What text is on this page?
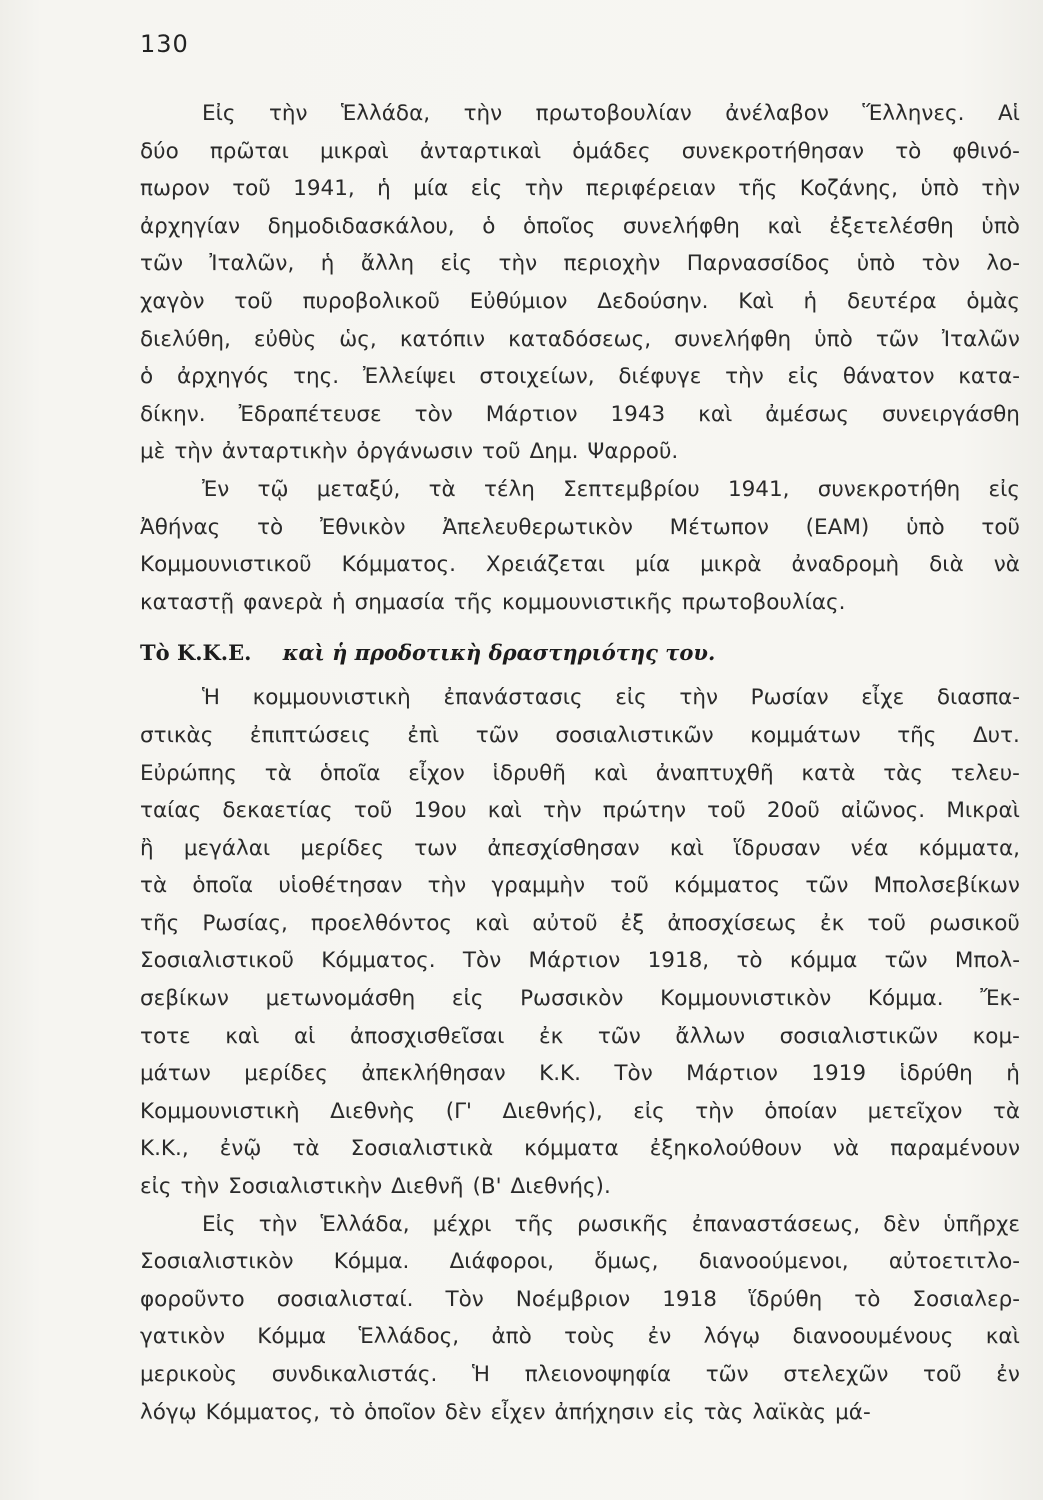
130
Εἰς τὴν Ἑλλάδα, τὴν πρωτοβουλίαν ἀνέλαβον Ἕλληνες. Αἱ
δύο πρῶται μικραὶ ἀνταρτικαὶ ὁμάδες συνεκροτήθησαν τὸ φθινό-
πωρον τοῦ 1941, ἡ μία εἰς τὴν περιφέρειαν τῆς Κοζάνης, ὑπὸ τὴν
ἀρχηγίαν δημοδιδασκάλου, ὁ ὁποῖος συνελήφθη καὶ ἐξετελέσθη ὑπὸ
τῶν Ἰταλῶν, ἡ ἄλλη εἰς τὴν περιοχὴν Παρνασσίδος ὑπὸ τὸν λο-
χαγὸν τοῦ πυροβολικοῦ Εὐθύμιον Δεδούσην. Καὶ ἡ δευτέρα ὁμὰς
διελύθη, εὐθὺς ὡς, κατόπιν καταδόσεως, συνελήφθη ὑπὸ τῶν Ἰταλῶν
ὁ ἀρχηγός της. Ἐλλείψει στοιχείων, διέφυγε τὴν εἰς θάνατον κατα-
δίκην. Ἐδραπέτευσε τὸν Μάρτιον 1943 καὶ ἀμέσως συνειργάσθη
μὲ τὴν ἀνταρτικὴν ὀργάνωσιν τοῦ Δημ. Ψαρροῦ.
Ἐν τῷ μεταξύ, τὰ τέλη Σεπτεμβρίου 1941, συνεκροτήθη εἰς
Ἀθήνας τὸ Ἐθνικὸν Ἀπελευθερωτικὸν Μέτωπον (ΕΑΜ) ὑπὸ τοῦ
Κομμουνιστικοῦ Κόμματος. Χρειάζεται μία μικρὰ ἀναδρομὴ διὰ νὰ
καταστῇ φανερὰ ἡ σημασία τῆς κομμουνιστικῆς πρωτοβουλίας.
Τὸ Κ.Κ.Ε. καὶ ἡ προδοτικὴ δραστηριότης του.
Ἡ κομμουνιστικὴ ἐπανάστασις εἰς τὴν Ρωσίαν εἶχε διασπα-
στικὰς ἐπιπτώσεις ἐπὶ τῶν σοσιαλιστικῶν κομμάτων τῆς Δυτ.
Εὐρώπης τὰ ὁποῖα εἶχον ἱδρυθῆ καὶ ἀναπτυχθῆ κατὰ τὰς τελευ-
ταίας δεκαετίας τοῦ 19ου καὶ τὴν πρώτην τοῦ 20οῦ αἰῶνος. Μικραὶ
ἢ μεγάλαι μερίδες των ἀπεσχίσθησαν καὶ ἵδρυσαν νέα κόμματα,
τὰ ὁποῖα υἱοθέτησαν τὴν γραμμὴν τοῦ κόμματος τῶν Μπολσεβίκων
τῆς Ρωσίας, προελθόντος καὶ αὐτοῦ ἐξ ἀποσχίσεως ἐκ τοῦ ρωσικοῦ
Σοσιαλιστικοῦ Κόμματος. Τὸν Μάρτιον 1918, τὸ κόμμα τῶν Μπολ-
σεβίκων μετωνομάσθη εἰς Ρωσσικὸν Κομμουνιστικὸν Κόμμα. Ἔκ-
τοτε καὶ αἱ ἀποσχισθεῖσαι ἐκ τῶν ἄλλων σοσιαλιστικῶν κομ-
μάτων μερίδες ἀπεκλήθησαν Κ.Κ. Τὸν Μάρτιον 1919 ἱδρύθη ἡ
Κομμουνιστικὴ Διεθνὴς (Γ' Διεθνής), εἰς τὴν ὁποίαν μετεῖχον τὰ
Κ.Κ., ἐνῷ τὰ Σοσιαλιστικὰ κόμματα ἐξηκολούθουν νὰ παραμένουν
εἰς τὴν Σοσιαλιστικὴν Διεθνῆ (Β' Διεθνής).
Εἰς τὴν Ἑλλάδα, μέχρι τῆς ρωσικῆς ἐπαναστάσεως, δὲν ὑπῆρχε
Σοσιαλιστικὸν Κόμμα. Διάφοροι, ὅμως, διανοούμενοι, αὐτοετιτλο-
φοροῦντο σοσιαλισταί. Τὸν Νοέμβριον 1918 ἵδρύθη τὸ Σοσιαλερ-
γατικὸν Κόμμα Ἑλλάδος, ἀπὸ τοὺς ἐν λόγῳ διανοουμένους καὶ
μερικοὺς συνδικαλιστάς. Ἡ πλειονοψηφία τῶν στελεχῶν τοῦ ἐν
λόγῳ Κόμματος, τὸ ὁποῖον δὲν εἶχεν ἀπήχησιν εἰς τὰς λαϊκὰς μά-
